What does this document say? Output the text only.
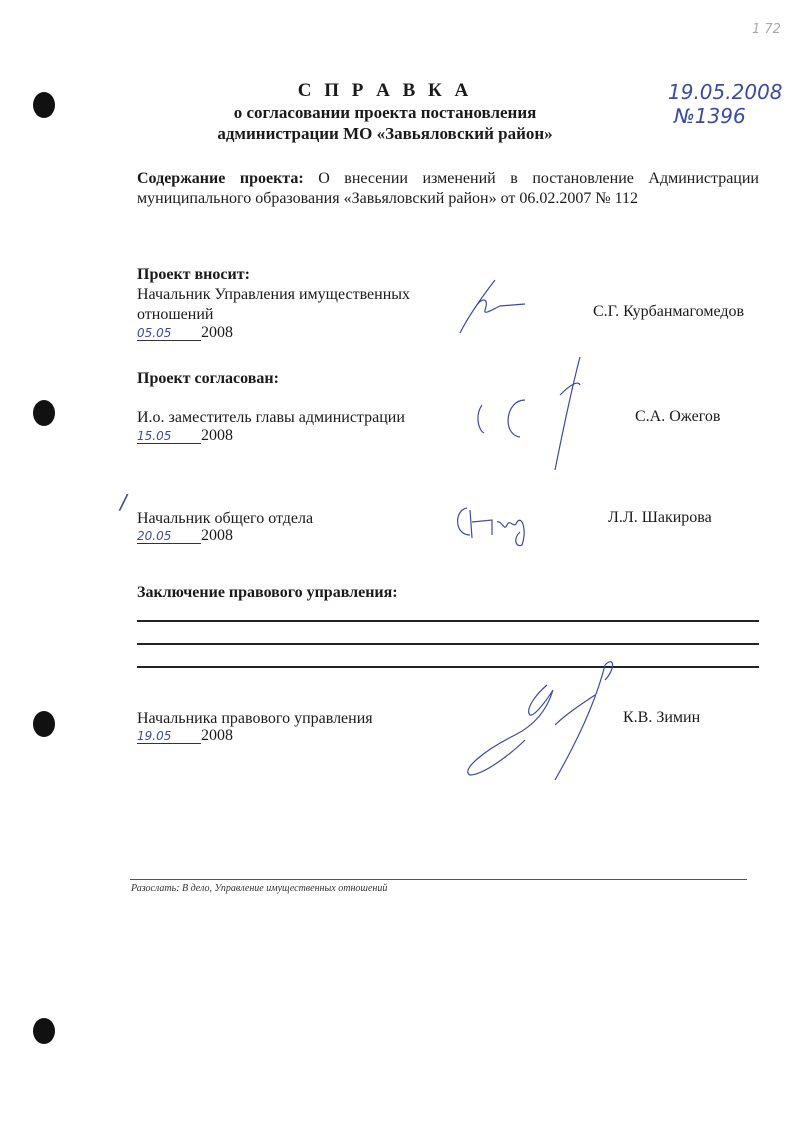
1 72
19.05.2008
№1396
С П Р А В К А
о согласовании проекта постановления
администрации МО «Завьяловский район»
Содержание проекта: О внесении изменений в постановление Администрации муниципального образования «Завьяловский район» от 06.02.2007 № 112
Проект вносит:
Начальник Управления имущественных
отношений
05.05 2008
С.Г. Курбанмагомедов
Проект согласован:
И.о. заместитель главы администрации
15.05 2008
С.А. Ожегов
/
Начальник общего отдела
20.05 2008
Л.Л. Шакирова
Заключение правового управления:
Начальника правового управления
19.05 2008
К.В. Зимин
Разослать: В дело, Управление имущественных отношений
